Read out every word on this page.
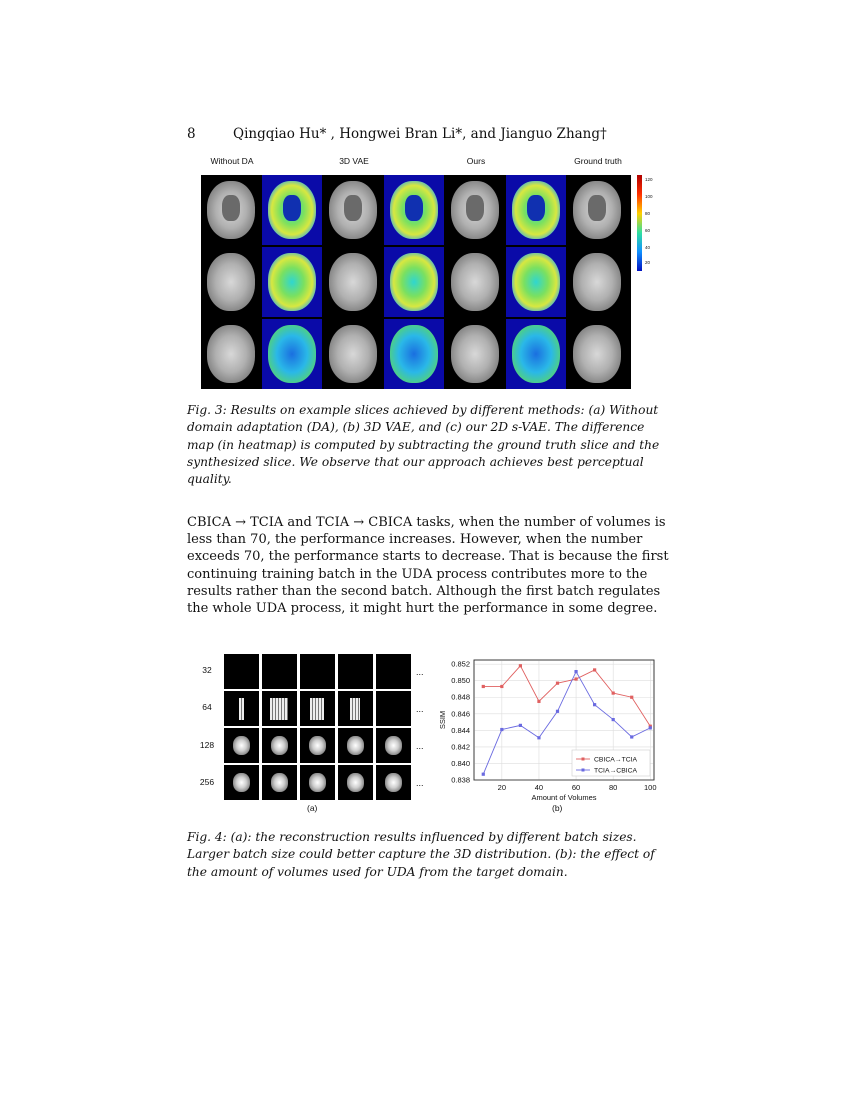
8	Qingqiao Hu* , Hongwei Bran Li*, and Jianguo Zhang†
Without DA	3D VAE	Ours	Ground truth
120
100
80
60
40
20
Fig. 3: Results on example slices achieved by different methods: (a) Without domain adaptation (DA), (b) 3D VAE, and (c) our 2D s-VAE. The difference map (in heatmap) is computed by subtracting the ground truth slice and the synthesized slice. We observe that our approach achieves best perceptual quality.

CBICA → TCIA and TCIA → CBICA tasks, when the number of volumes is less than 70, the performance increases. However, when the number exceeds 70, the performance starts to decrease. That is because the first continuing training batch in the UDA process contributes more to the results rather than the second batch. Although the first batch regulates the whole UDA process, it might hurt the performance in some degree.

32
64
128
256
...
...
...
...
(a)
0.838
0.840
0.842
0.844
0.846
0.848
0.850
0.852
20	40	60	80	100
Amount of Volumes
SSIM
CBICA→TCIA
TCIA→CBICA
(b)
Fig. 4: (a): the reconstruction results influenced by different batch sizes. Larger batch size could better capture the 3D distribution. (b): the effect of the amount of volumes used for UDA from the target domain.
